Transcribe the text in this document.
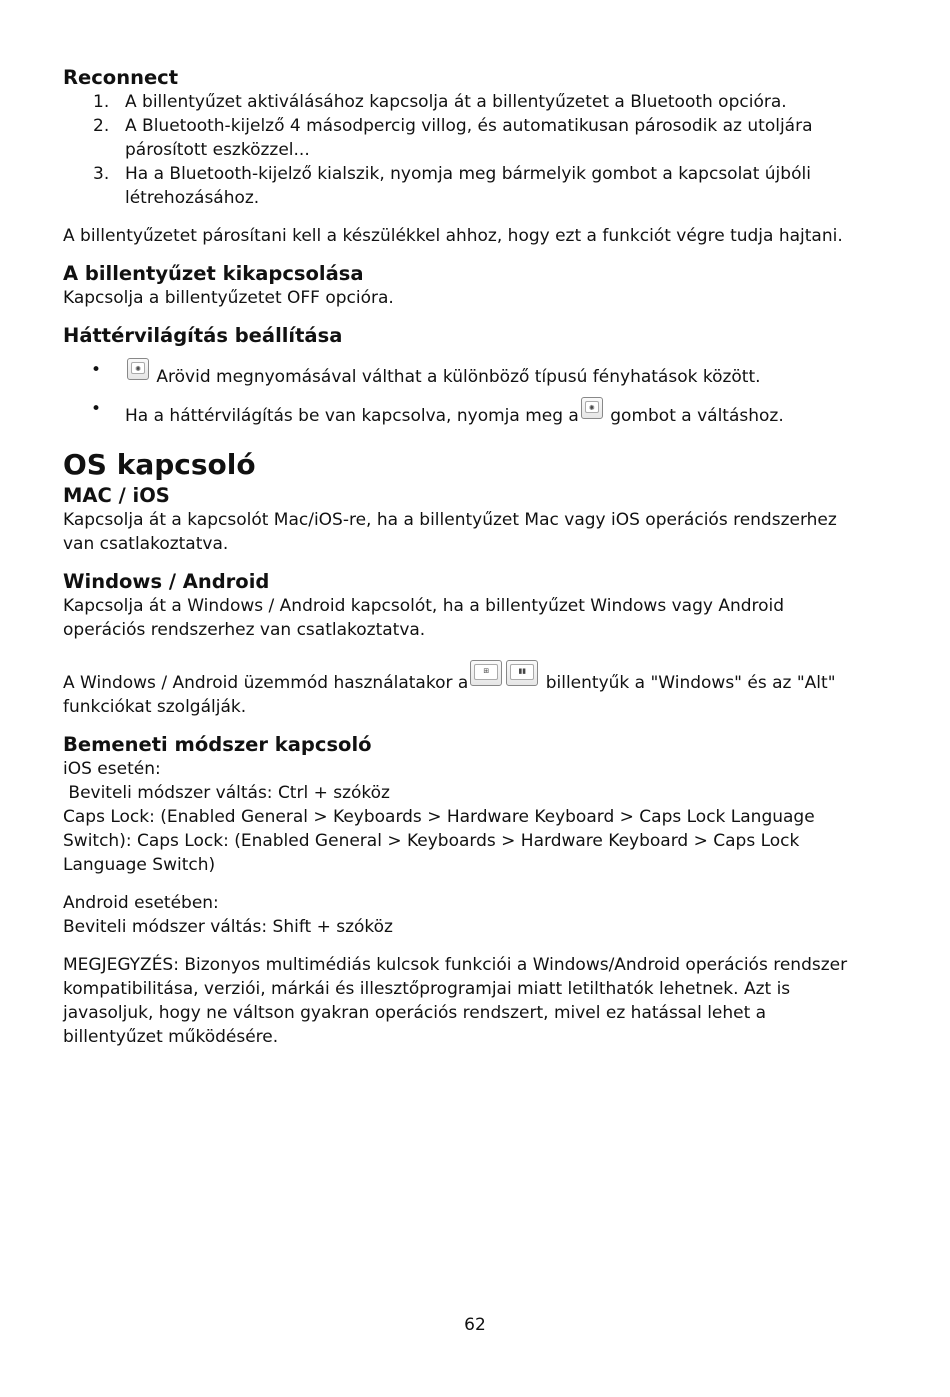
Reconnect

1. A billentyűzet aktiválásához kapcsolja át a billentyűzetet a Bluetooth opcióra.
2. A Bluetooth-kijelző 4 másodpercig villog, és automatikusan párosodik az utoljára párosított eszközzel...
3. Ha a Bluetooth-kijelző kialszik, nyomja meg bármelyik gombot a kapcsolat újbóli létrehozásához.

A billentyűzetet párosítani kell a készülékkel ahhoz, hogy ezt a funkciót végre tudja hajtani.

A billentyűzet kikapcsolása

Kapcsolja a billentyűzetet OFF opcióra.

Háttérvilágítás beállítása

•	✺ Arövid megnyomásával válthat a különböző típusú fényhatások között.
• Ha a háttérvilágítás be van kapcsolva, nyomja meg a	✺ gombot a váltáshoz.

OS kapcsoló

MAC / iOS

Kapcsolja át a kapcsolót Mac/iOS-re, ha a billentyűzet Mac vagy iOS operációs rendszerhez van csatlakoztatva.

Windows / Android

Kapcsolja át a Windows / Android kapcsolót, ha a billentyűzet Windows vagy Android operációs rendszerhez van csatlakoztatva.

A Windows / Android üzemmód használatakor a
⊞	▮▮
billentyűk a "Windows" és az "Alt" funkciókat szolgálják.

Bemeneti módszer kapcsoló

iOS esetén:

Beviteli módszer váltás: Ctrl + szóköz

Caps Lock: (Enabled General > Keyboards > Hardware Keyboard > Caps Lock Language Switch): Caps Lock: (Enabled General > Keyboards > Hardware Keyboard > Caps Lock Language Switch)

Android esetében:

Beviteli módszer váltás: Shift + szóköz

MEGJEGYZÉS: Bizonyos multimédiás kulcsok funkciói a Windows/Android operációs rendszer kompatibilitása, verziói, márkái és illesztőprogramjai miatt letilthatók lehetnek. Azt is javasoljuk, hogy ne váltson gyakran operációs rendszert, mivel ez hatással lehet a billentyűzet működésére.

62
